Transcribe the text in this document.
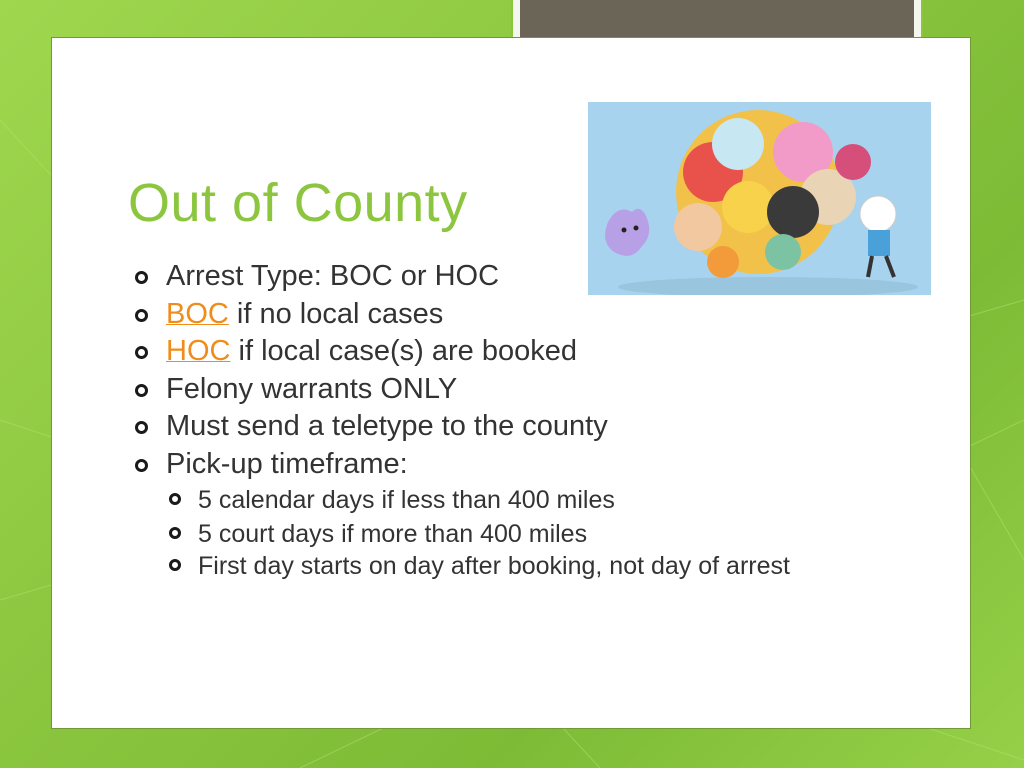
Out of County
Arrest Type: BOC or HOC
BOC if no local cases
HOC if local case(s) are booked
Felony warrants ONLY
Must send a teletype to the county
Pick-up timeframe:
5 calendar days if less than 400 miles
5 court days if more than 400 miles
First day starts on day after booking, not day of arrest
